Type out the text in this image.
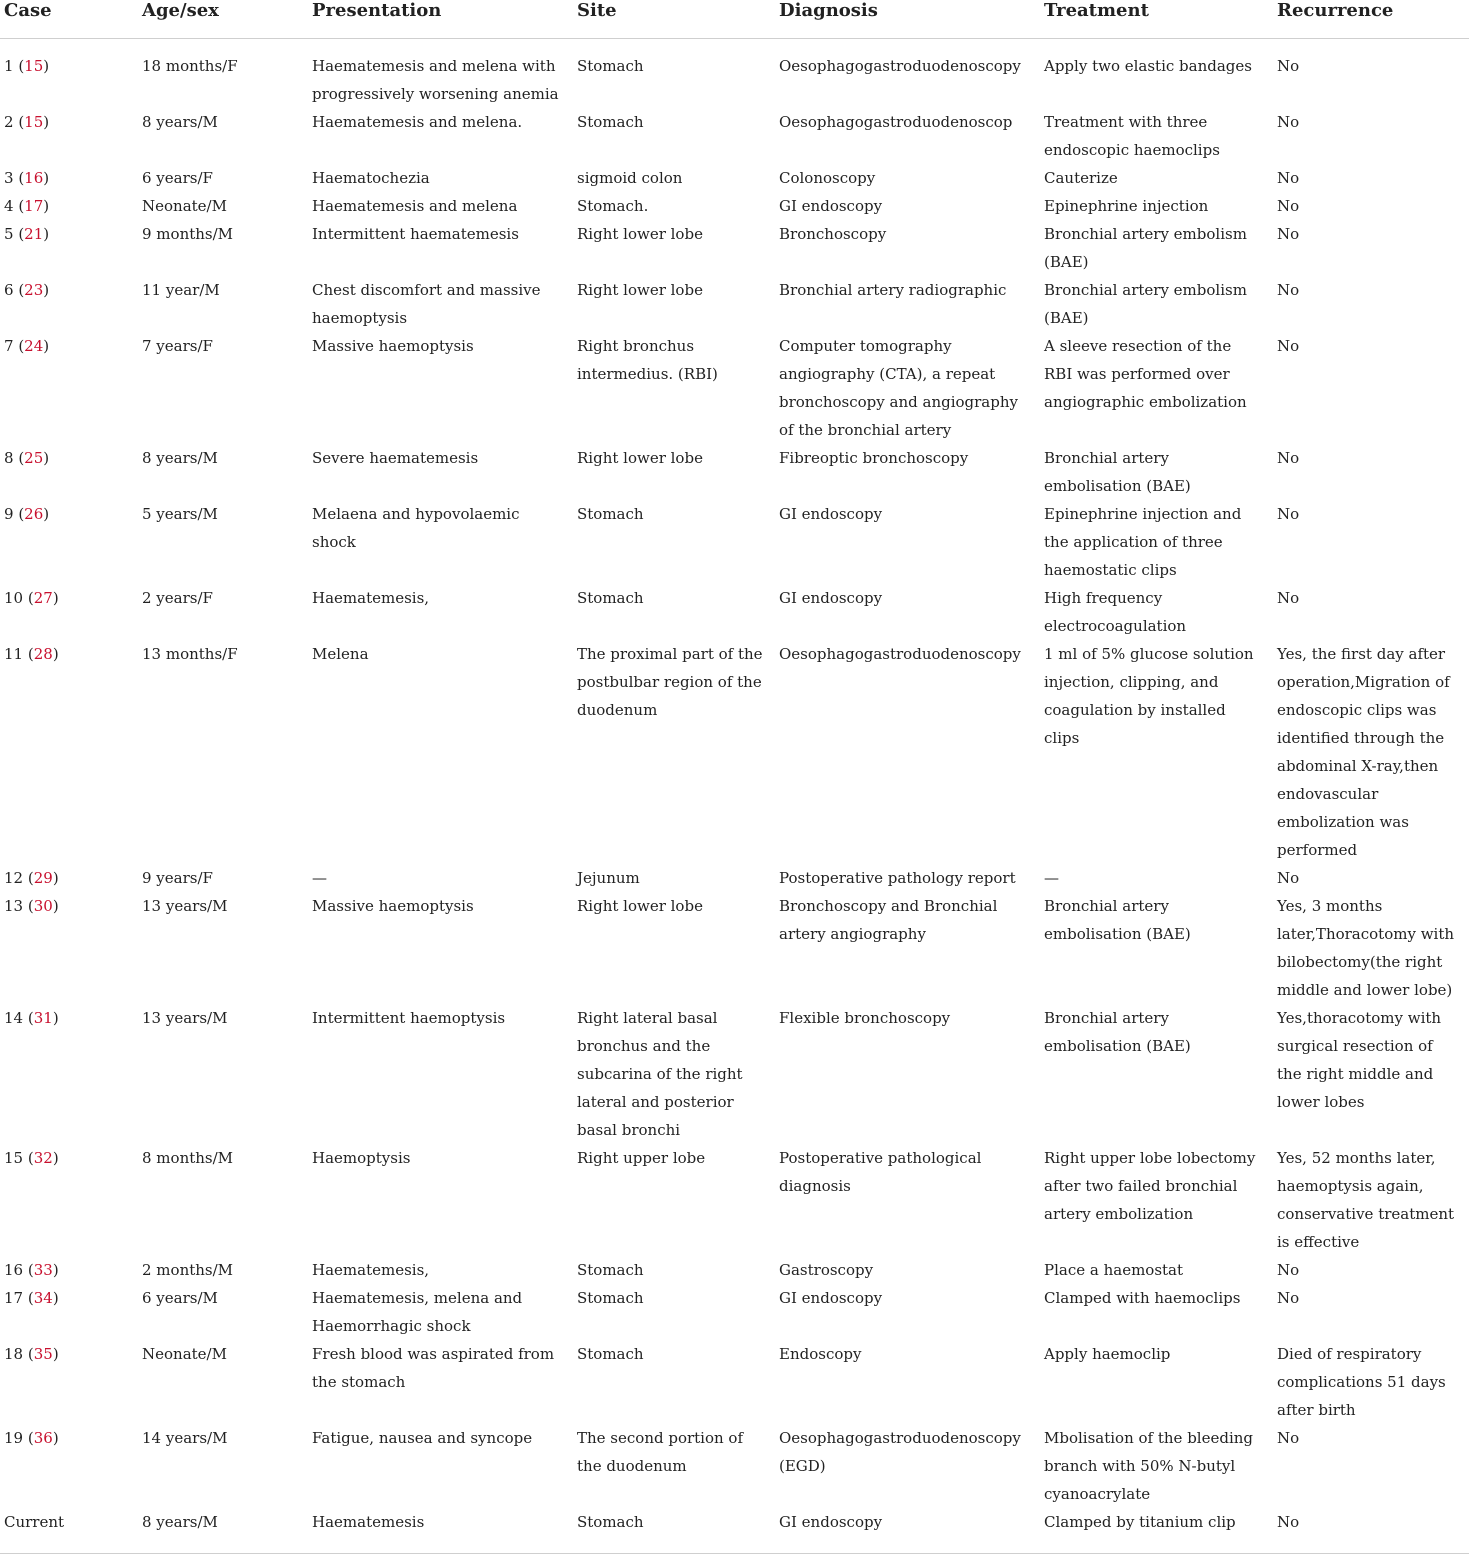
Case	Age/sex	Presentation	Site	Diagnosis	Treatment	Recurrence
1 (15)	18 months/F	Haematemesis and melena with progressively worsening anemia	Stomach	Oesophagogastroduodenoscopy	Apply two elastic bandages	No
2 (15)	8 years/M	Haematemesis and melena.	Stomach	Oesophagogastroduodenoscop	Treatment with three endoscopic haemoclips	No
3 (16)	6 years/F	Haematochezia	sigmoid colon	Colonoscopy	Cauterize	No
4 (17)	Neonate/M	Haematemesis and melena	Stomach.	GI endoscopy	Epinephrine injection	No
5 (21)	9 months/M	Intermittent haematemesis	Right lower lobe	Bronchoscopy	Bronchial artery embolism (BAE)	No
6 (23)	11 year/M	Chest discomfort and massive haemoptysis	Right lower lobe	Bronchial artery radiographic	Bronchial artery embolism (BAE)	No
7 (24)	7 years/F	Massive haemoptysis	Right bronchus intermedius. (RBI)	Computer tomography angiography (CTA), a repeat bronchoscopy and angiography of the bronchial artery	A sleeve resection of the RBI was performed over angiographic embolization	No
8 (25)	8 years/M	Severe haematemesis	Right lower lobe	Fibreoptic bronchoscopy	Bronchial artery embolisation (BAE)	No
9 (26)	5 years/M	Melaena and hypovolaemic shock	Stomach	GI endoscopy	Epinephrine injection and the application of three haemostatic clips	No
10 (27)	2 years/F	Haematemesis,	Stomach	GI endoscopy	High frequency electrocoagulation	No
11 (28)	13 months/F	Melena	The proximal part of the postbulbar region of the duodenum	Oesophagogastroduodenoscopy	1 ml of 5% glucose solution injection, clipping, and coagulation by installed clips	Yes, the first day after operation,Migration of endoscopic clips was identified through the abdominal X-ray,then endovascular embolization was performed
12 (29)	9 years/F	—	Jejunum	Postoperative pathology report	—	No
13 (30)	13 years/M	Massive haemoptysis	Right lower lobe	Bronchoscopy and Bronchial artery angiography	Bronchial artery embolisation (BAE)	Yes, 3 months later,Thoracotomy with bilobectomy(the right middle and lower lobe)
14 (31)	13 years/M	Intermittent haemoptysis	Right lateral basal bronchus and the subcarina of the right lateral and posterior basal bronchi	Flexible bronchoscopy	Bronchial artery embolisation (BAE)	Yes,thoracotomy with surgical resection of the right middle and lower lobes
15 (32)	8 months/M	Haemoptysis	Right upper lobe	Postoperative pathological diagnosis	Right upper lobe lobectomy after two failed bronchial artery embolization	Yes, 52 months later, haemoptysis again, conservative treatment is effective
16 (33)	2 months/M	Haematemesis,	Stomach	Gastroscopy	Place a haemostat	No
17 (34)	6 years/M	Haematemesis, melena and Haemorrhagic shock	Stomach	GI endoscopy	Clamped with haemoclips	No
18 (35)	Neonate/M	Fresh blood was aspirated from the stomach	Stomach	Endoscopy	Apply haemoclip	Died of respiratory complications 51 days after birth
19 (36)	14 years/M	Fatigue, nausea and syncope	The second portion of the duodenum	Oesophagogastroduodenoscopy (EGD)	Mbolisation of the bleeding branch with 50% N-butyl cyanoacrylate	No
Current	8 years/M	Haematemesis	Stomach	GI endoscopy	Clamped by titanium clip	No
